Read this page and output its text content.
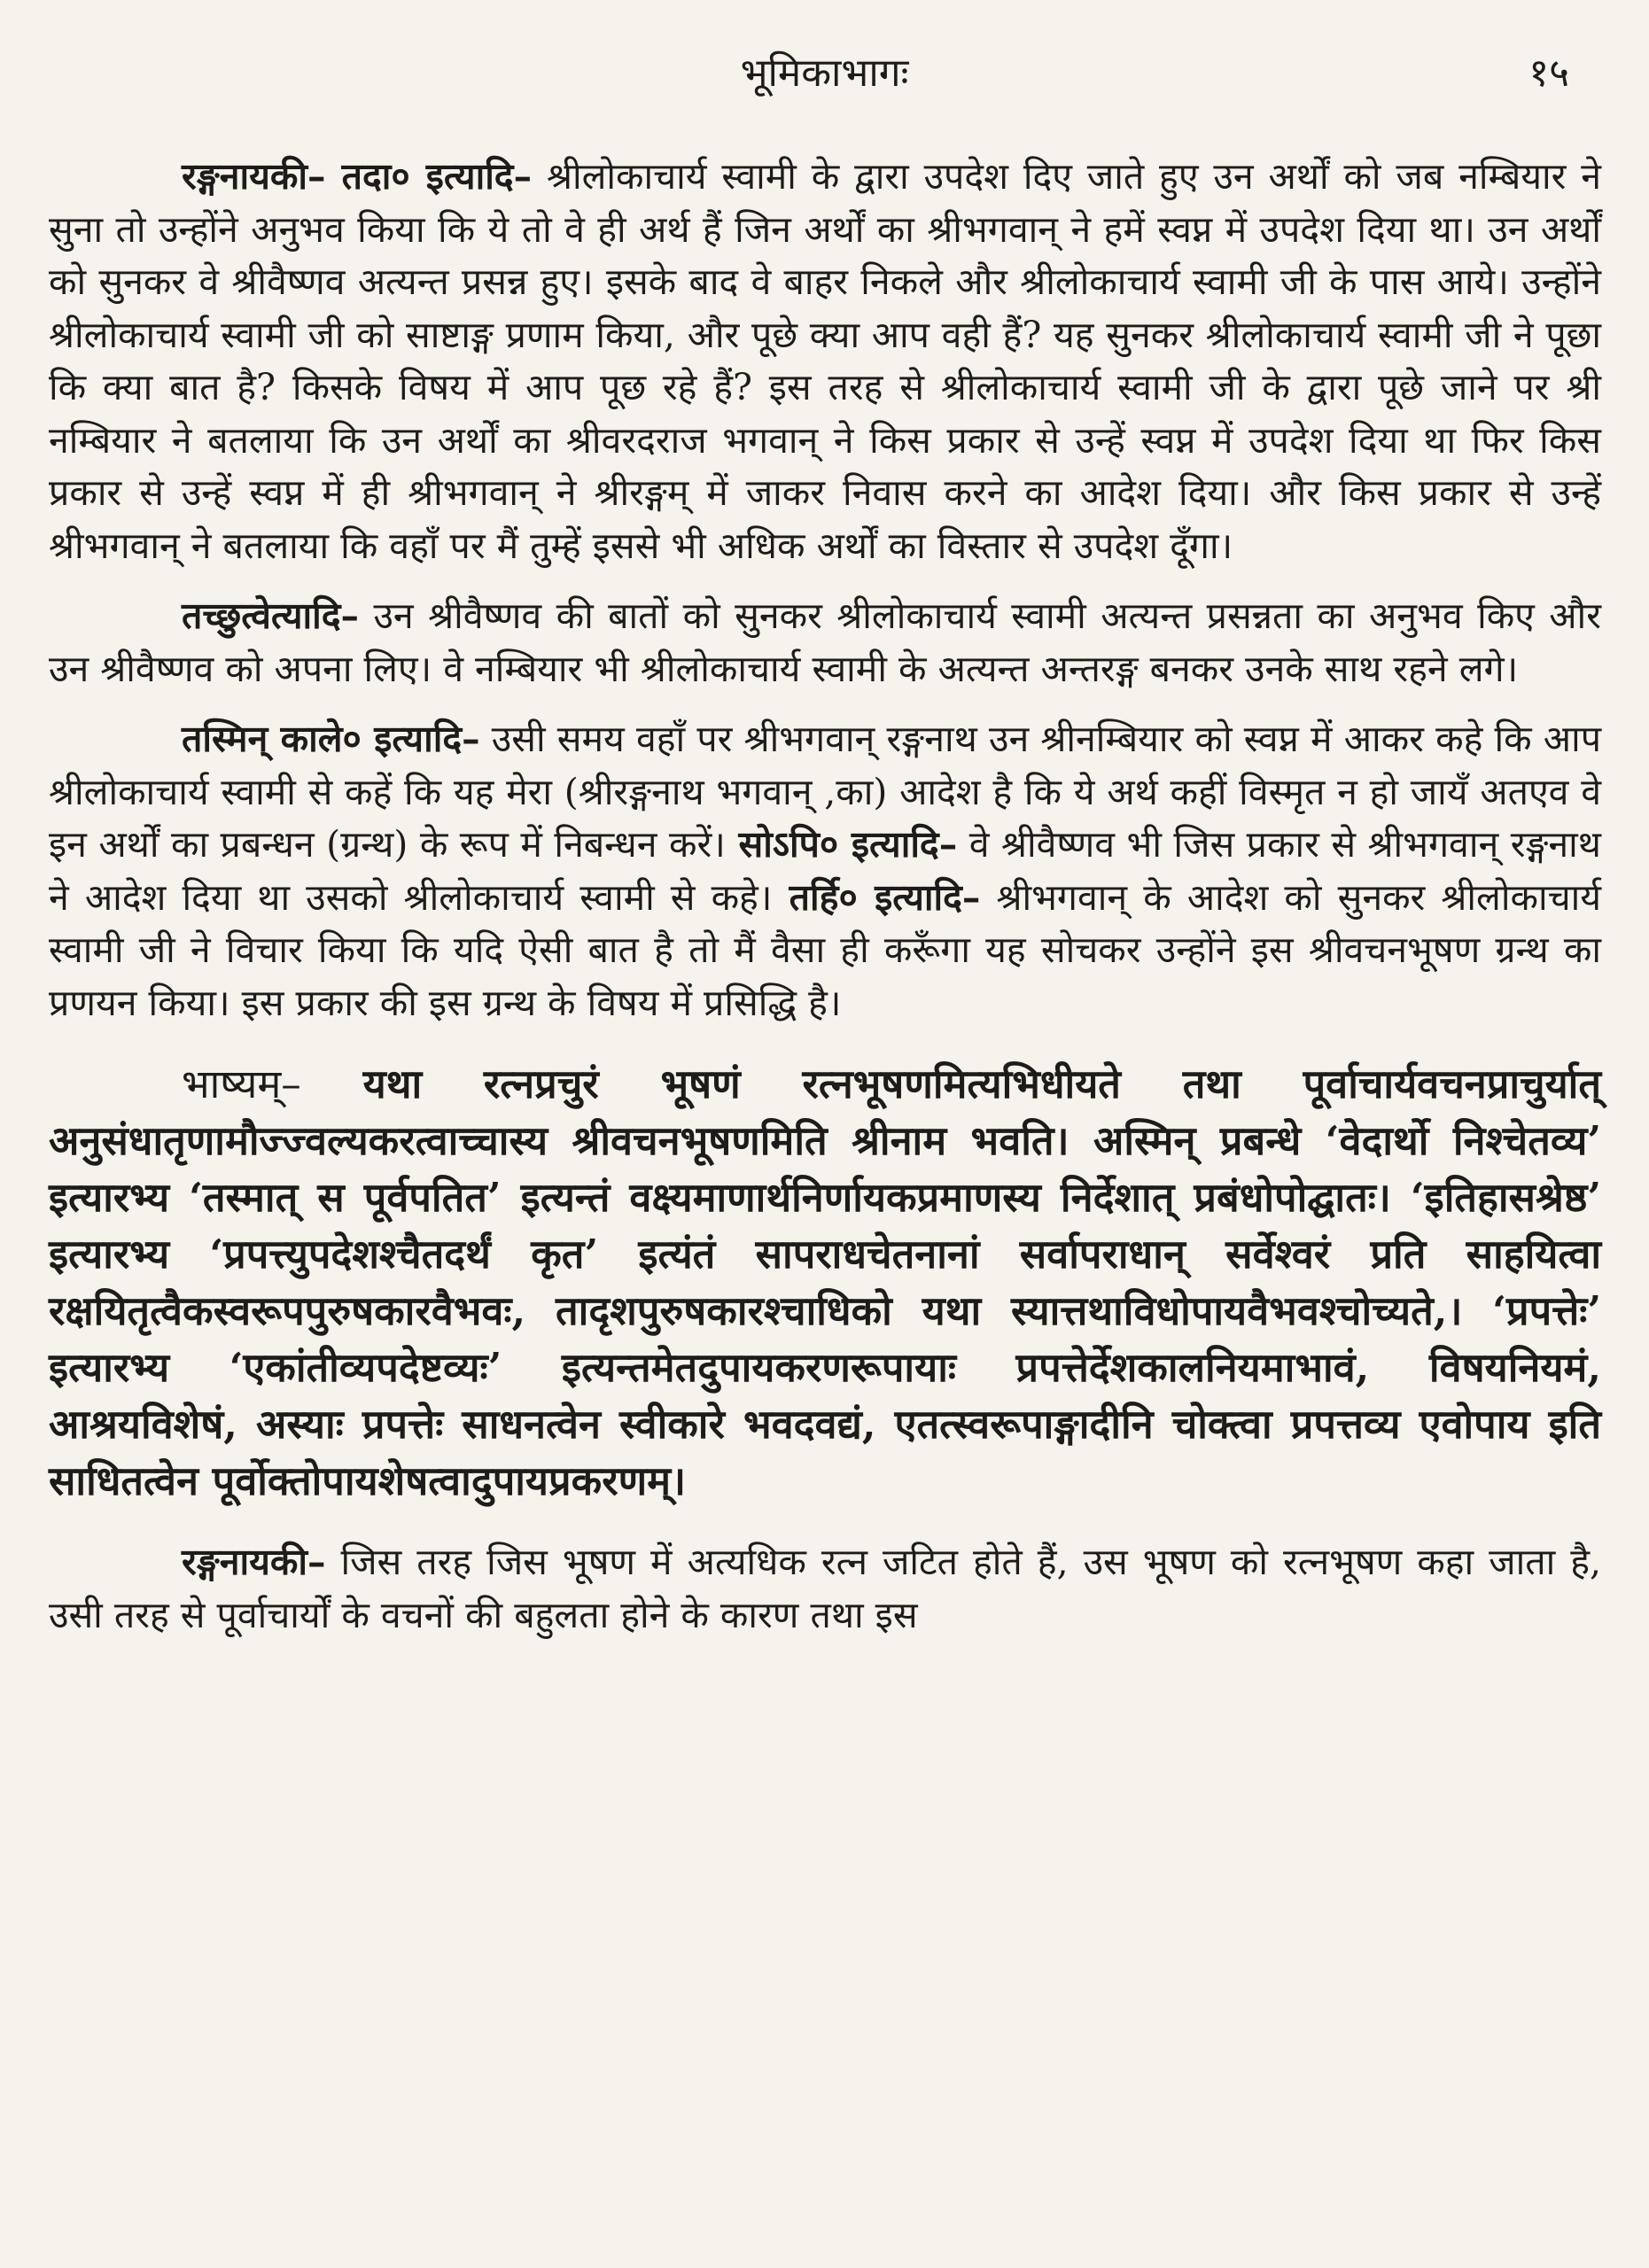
भूमिकाभागः	१५

रङ्गनायकी– तदा० इत्यादि– श्रीलोकाचार्य स्वामी के द्वारा उपदेश दिए जाते हुए उन अर्थों को जब नम्बियार ने सुना तो उन्होंने अनुभव किया कि ये तो वे ही अर्थ हैं जिन अर्थों का श्रीभगवान् ने हमें स्वप्न में उपदेश दिया था। उन अर्थों को सुनकर वे श्रीवैष्णव अत्यन्त प्रसन्न हुए। इसके बाद वे बाहर निकले और श्रीलोकाचार्य स्वामी जी के पास आये। उन्होंने श्रीलोकाचार्य स्वामी जी को साष्टाङ्ग प्रणाम किया, और पूछे क्या आप वही हैं? यह सुनकर श्रीलोकाचार्य स्वामी जी ने पूछा कि क्या बात है? किसके विषय में आप पूछ रहे हैं? इस तरह से श्रीलोकाचार्य स्वामी जी के द्वारा पूछे जाने पर श्री नम्बियार ने बतलाया कि उन अर्थों का श्रीवरदराज भगवान् ने किस प्रकार से उन्हें स्वप्न में उपदेश दिया था फिर किस प्रकार से उन्हें स्वप्न में ही श्रीभगवान् ने श्रीरङ्गम् में जाकर निवास करने का आदेश दिया। और किस प्रकार से उन्हें श्रीभगवान् ने बतलाया कि वहाँ पर मैं तुम्हें इससे भी अधिक अर्थों का विस्तार से उपदेश दूँगा।

तच्छुत्वेत्यादि– उन श्रीवैष्णव की बातों को सुनकर श्रीलोकाचार्य स्वामी अत्यन्त प्रसन्नता का अनुभव किए और उन श्रीवैष्णव को अपना लिए। वे नम्बियार भी श्रीलोकाचार्य स्वामी के अत्यन्त अन्तरङ्ग बनकर उनके साथ रहने लगे।

तस्मिन् काले० इत्यादि– उसी समय वहाँ पर श्रीभगवान् रङ्गनाथ उन श्रीनम्बियार को स्वप्न में आकर कहे कि आप श्रीलोकाचार्य स्वामी से कहें कि यह मेरा (श्रीरङ्गनाथ भगवान् ,का) आदेश है कि ये अर्थ कहीं विस्मृत न हो जायँ अतएव वे इन अर्थों का प्रबन्धन (ग्रन्थ) के रूप में निबन्धन करें। सोऽपि० इत्यादि– वे श्रीवैष्णव भी जिस प्रकार से श्रीभगवान् रङ्गनाथ ने आदेश दिया था उसको श्रीलोकाचार्य स्वामी से कहे। तर्हि० इत्यादि– श्रीभगवान् के आदेश को सुनकर श्रीलोकाचार्य स्वामी जी ने विचार किया कि यदि ऐसी बात है तो मैं वैसा ही करूँगा यह सोचकर उन्होंने इस श्रीवचनभूषण ग्रन्थ का प्रणयन किया। इस प्रकार की इस ग्रन्थ के विषय में प्रसिद्धि है।

भाष्यम्– यथा रत्नप्रचुरं भूषणं रत्नभूषणमित्यभिधीयते तथा पूर्वाचार्यवचनप्राचुर्यात् अनुसंधातृणामौज्ज्वल्यकरत्वाच्चास्य श्रीवचनभूषणमिति श्रीनाम भवति। अस्मिन् प्रबन्धे ‘वेदार्थो निश्चेतव्य’ इत्यारभ्य ‘तस्मात् स पूर्वपतित’ इत्यन्तं वक्ष्यमाणार्थनिर्णायकप्रमाणस्य निर्देशात् प्रबंधोपोद्घातः। ‘इतिहासश्रेष्ठ’ इत्यारभ्य ‘प्रपत्त्युपदेशश्चैतदर्थं कृत’ इत्यंतं सापराधचेतनानां सर्वापराधान् सर्वेश्वरं प्रति साहयित्वा रक्षयितृत्वैकस्वरूपपुरुषकारवैभवः, तादृशपुरुषकारश्चाधिको यथा स्यात्तथाविधोपायवैभवश्चोच्यते,। ‘प्रपत्तेः’ इत्यारभ्य ‘एकांतीव्यपदेष्टव्यः’ इत्यन्तमेतदुपायकरणरूपायाः प्रपत्तेर्देशकालनियमाभावं, विषयनियमं, आश्रयविशेषं, अस्याः प्रपत्तेः साधनत्वेन स्वीकारे भवदवद्यं, एतत्स्वरूपाङ्गादीनि चोक्त्वा प्रपत्तव्य एवोपाय इति साधितत्वेन पूर्वोक्तोपायशेषत्वादुपायप्रकरणम्।

रङ्गनायकी– जिस तरह जिस भूषण में अत्यधिक रत्न जटित होते हैं, उस भूषण को रत्नभूषण कहा जाता है, उसी तरह से पूर्वाचार्यों के वचनों की बहुलता होने के कारण तथा इस
